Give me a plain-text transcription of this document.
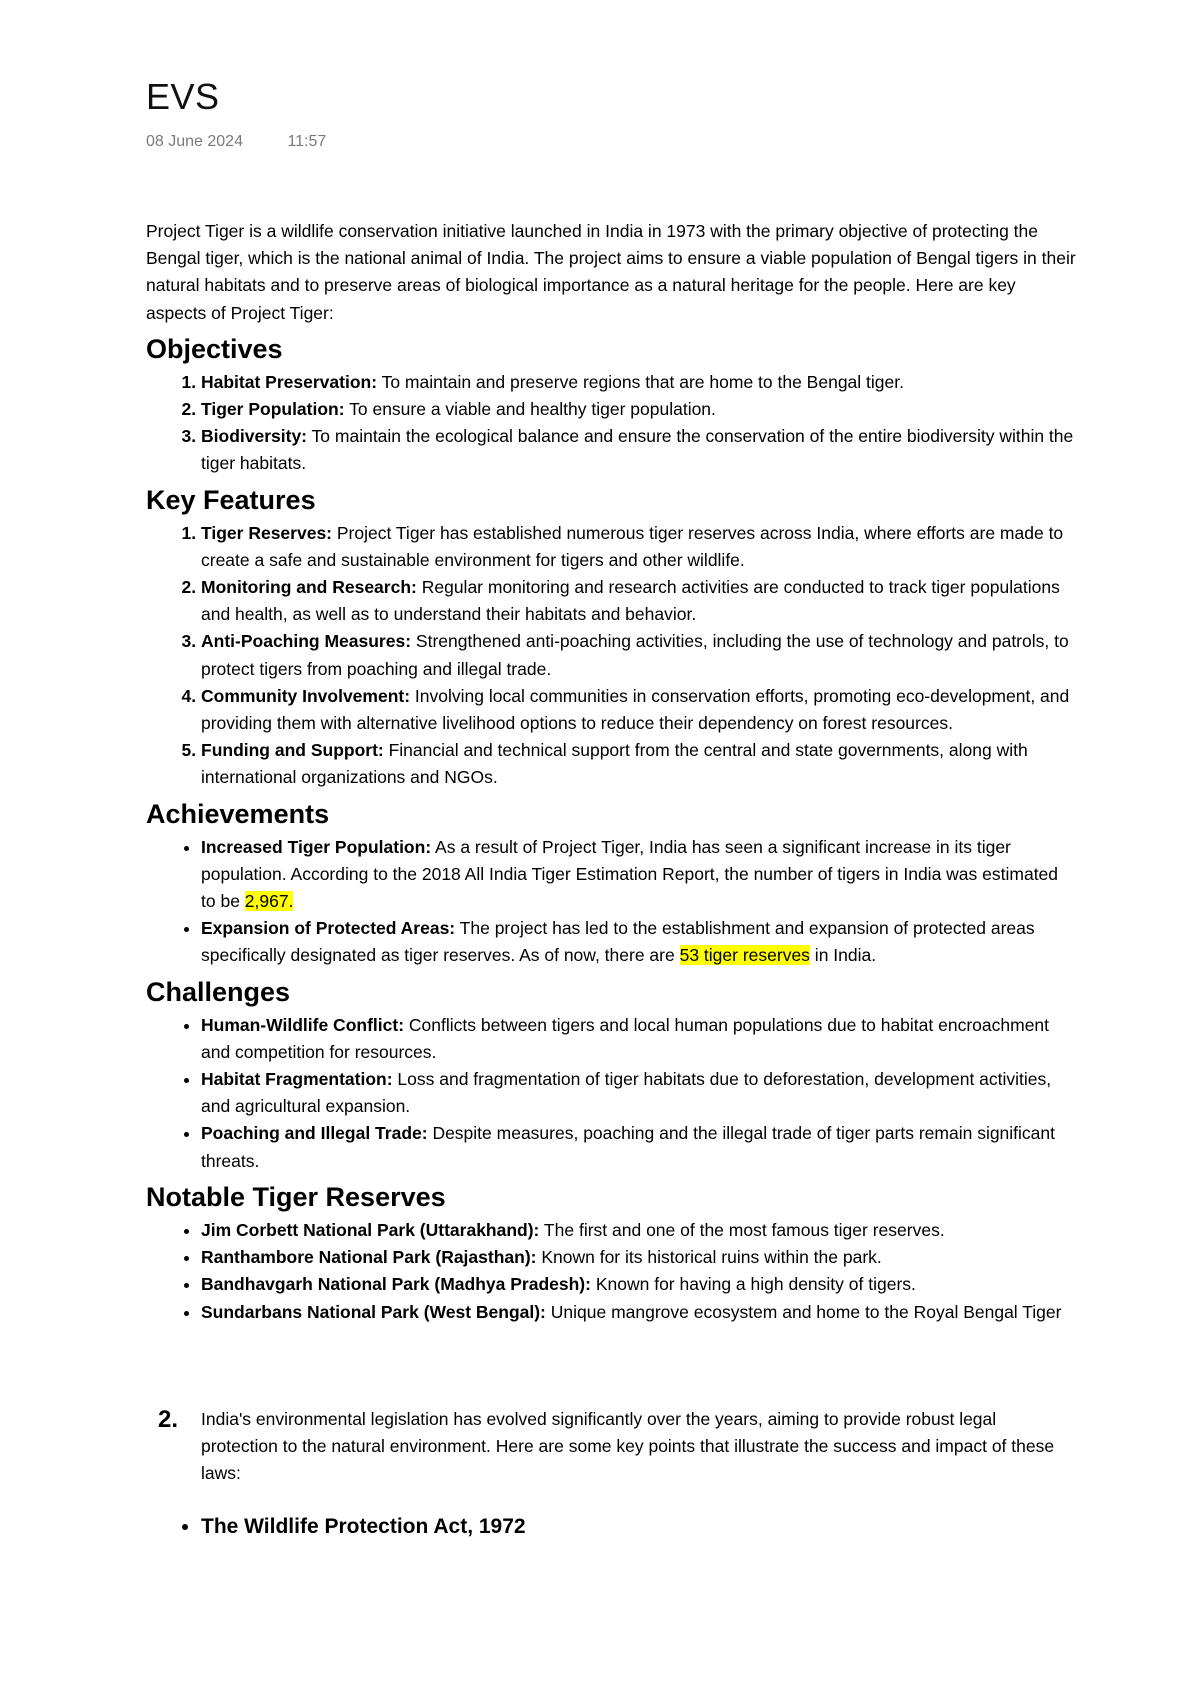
EVS
08 June 2024	11:57

Project Tiger is a wildlife conservation initiative launched in India in 1973 with the primary objective of protecting the Bengal tiger, which is the national animal of India. The project aims to ensure a viable population of Bengal tigers in their natural habitats and to preserve areas of biological importance as a natural heritage for the people. Here are key aspects of Project Tiger:

Objectives
1. Habitat Preservation: To maintain and preserve regions that are home to the Bengal tiger.
2. Tiger Population: To ensure a viable and healthy tiger population.
3. Biodiversity: To maintain the ecological balance and ensure the conservation of the entire biodiversity within the tiger habitats.
Key Features
1. Tiger Reserves: Project Tiger has established numerous tiger reserves across India, where efforts are made to create a safe and sustainable environment for tigers and other wildlife.
2. Monitoring and Research: Regular monitoring and research activities are conducted to track tiger populations and health, as well as to understand their habitats and behavior.
3. Anti-Poaching Measures: Strengthened anti-poaching activities, including the use of technology and patrols, to protect tigers from poaching and illegal trade.
4. Community Involvement: Involving local communities in conservation efforts, promoting eco-development, and providing them with alternative livelihood options to reduce their dependency on forest resources.
5. Funding and Support: Financial and technical support from the central and state governments, along with international organizations and NGOs.
Achievements
• Increased Tiger Population: As a result of Project Tiger, India has seen a significant increase in its tiger population. According to the 2018 All India Tiger Estimation Report, the number of tigers in India was estimated to be 2,967.
• Expansion of Protected Areas: The project has led to the establishment and expansion of protected areas specifically designated as tiger reserves. As of now, there are 53 tiger reserves in India.
Challenges
• Human-Wildlife Conflict: Conflicts between tigers and local human populations due to habitat encroachment and competition for resources.
• Habitat Fragmentation: Loss and fragmentation of tiger habitats due to deforestation, development activities, and agricultural expansion.
• Poaching and Illegal Trade: Despite measures, poaching and the illegal trade of tiger parts remain significant threats.
Notable Tiger Reserves
• Jim Corbett National Park (Uttarakhand): The first and one of the most famous tiger reserves.
• Ranthambore National Park (Rajasthan): Known for its historical ruins within the park.
• Bandhavgarh National Park (Madhya Pradesh): Known for having a high density of tigers.
• Sundarbans National Park (West Bengal): Unique mangrove ecosystem and home to the Royal Bengal Tiger
2.	India's environmental legislation has evolved significantly over the years, aiming to provide robust legal protection to the natural environment. Here are some key points that illustrate the success and impact of these laws:
• The Wildlife Protection Act, 1972
